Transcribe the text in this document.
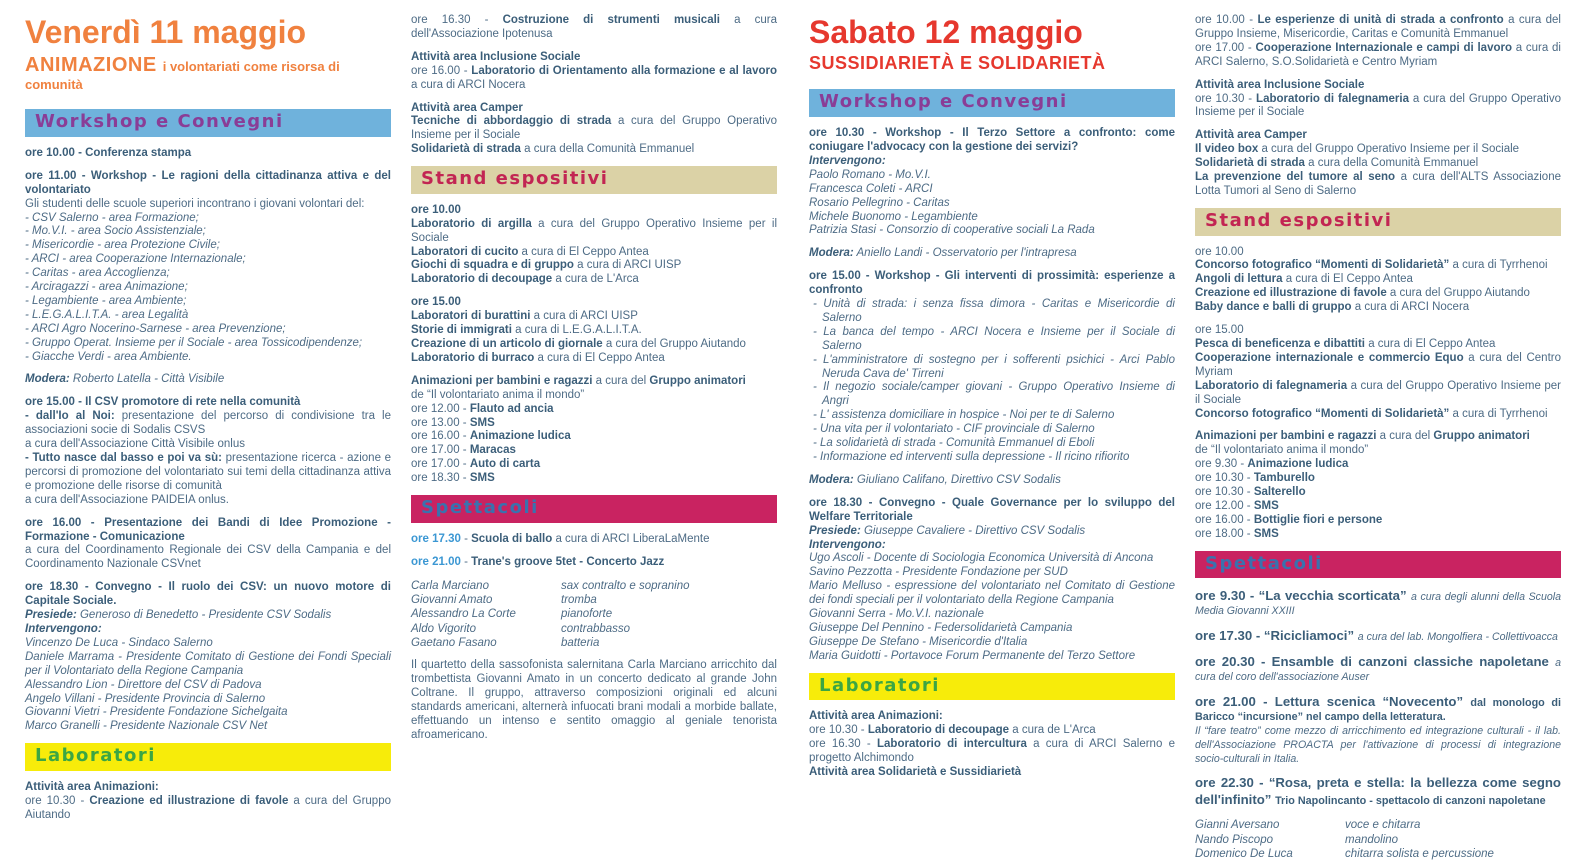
Venerdì 11 maggio
ANIMAZIONE i volontariati come risorsa di comunità
Workshop e Convegni
ore 10.00 - Conferenza stampa
ore 11.00 - Workshop - Le ragioni della cittadinanza attiva e del volontariato
Gli studenti delle scuole superiori incontrano i giovani volontari del:
- CSV Salerno - area Formazione;
- Mo.V.I. - area Socio Assistenziale;
- Misericordie - area Protezione Civile;
- ARCI - area Cooperazione Internazionale;
- Caritas - area Accoglienza;
- Arciragazzi - area Animazione;
- Legambiente - area Ambiente;
- L.E.G.A.L.I.T.A. - area Legalità
- ARCI Agro Nocerino-Sarnese - area Prevenzione;
- Gruppo Operat. Insieme per il Sociale - area Tossicodipendenze;
- Giacche Verdi - area Ambiente.
Modera: Roberto Latella - Città Visibile
ore 15.00 - Il CSV promotore di rete nella comunità
- dall'Io al Noi: presentazione del percorso di condivisione tra le associazioni socie di Sodalis CSVS
a cura dell'Associazione Città Visibile onlus
- Tutto nasce dal basso e poi va sù: presentazione ricerca - azione e percorsi di promozione del volontariato sui temi della cittadinanza attiva e promozione delle risorse di comunità
a cura dell'Associazione PAIDEIA onlus.
ore 16.00 - Presentazione dei Bandi di Idee Promozione - Formazione - Comunicazione
a cura del Coordinamento Regionale dei CSV della Campania e del Coordinamento Nazionale CSVnet
ore 18.30 - Convegno - Il ruolo dei CSV: un nuovo motore di Capitale Sociale.
Presiede: Generoso di Benedetto - Presidente CSV Sodalis
Intervengono:
Vincenzo De Luca - Sindaco Salerno
Daniele Marrama - Presidente Comitato di Gestione dei Fondi Speciali per il Volontariato della Regione Campania
Alessandro Lion - Direttore del CSV di Padova
Angelo Villani - Presidente Provincia di Salerno
Giovanni Vietri - Presidente Fondazione Sichelgaita
Marco Granelli - Presidente Nazionale CSV Net
Laboratori
Attività area Animazioni:
ore 10.30 - Creazione ed illustrazione di favole a cura del Gruppo Aiutando
ore 16.30 - Costruzione di strumenti musicali a cura dell'Associazione Ipotenusa
Attività area Inclusione Sociale
ore 16.00 - Laboratorio di Orientamento alla formazione e al lavoro a cura di ARCI Nocera
Attività area Camper
Tecniche di abbordaggio di strada a cura del Gruppo Operativo Insieme per il Sociale
Solidarietà di strada a cura della Comunità Emmanuel
Stand espositivi
ore 10.00
Laboratorio di argilla a cura del Gruppo Operativo Insieme per il Sociale
Laboratori di cucito a cura di El Ceppo Antea
Giochi di squadra e di gruppo a cura di ARCI UISP
Laboratorio di decoupage a cura de L'Arca
ore 15.00
Laboratori di burattini a cura di ARCI UISP
Storie di immigrati a cura di L.E.G.A.L.I.T.A.
Creazione di un articolo di giornale a cura del Gruppo Aiutando
Laboratorio di burraco a cura di El Ceppo Antea
Animazioni per bambini e ragazzi a cura del Gruppo animatori
de “Il volontariato anima il mondo”
ore 12.00 - Flauto ad ancia
ore 13.00 - SMS
ore 16.00 - Animazione ludica
ore 17.00 - Maracas
ore 17.00 - Auto di carta
ore 18.30 - SMS
Spettacoli
ore 17.30 - Scuola di ballo a cura di ARCI LiberaLaMente
ore 21.00 - Trane's groove 5tet - Concerto Jazz
Carla Marciano	sax contralto e sopranino
Giovanni Amato	tromba
Alessandro La Corte	pianoforte
Aldo Vigorito	contrabbasso
Gaetano Fasano	batteria
Il quartetto della sassofonista salernitana Carla Marciano arricchito dal trombettista Giovanni Amato in un concerto dedicato al grande John Coltrane. Il gruppo, attraverso composizioni originali ed alcuni standards americani, alternerà infuocati brani modali a morbide ballate, effettuando un intenso e sentito omaggio al geniale tenorista afroamericano.
Sabato 12 maggio
SUSSIDIARIETÀ E SOLIDARIETÀ
Workshop e Convegni
ore 10.30 - Workshop - Il Terzo Settore a confronto: come coniugare l'advocacy con la gestione dei servizi?
Intervengono:
Paolo Romano - Mo.V.I.
Francesca Coleti - ARCI
Rosario Pellegrino - Caritas
Michele Buonomo - Legambiente
Patrizia Stasi - Consorzio di cooperative sociali La Rada
Modera: Aniello Landi - Osservatorio per l'intrapresa
ore 15.00 - Workshop - Gli interventi di prossimità: esperienze a confronto
- Unità di strada: i senza fissa dimora - Caritas e Misericordie di Salerno
- La banca del tempo - ARCI Nocera e Insieme per il Sociale di Salerno
- L'amministratore di sostegno per i sofferenti psichici - Arci Pablo Neruda Cava de' Tirreni
- Il negozio sociale/camper giovani - Gruppo Operativo Insieme di Angri
- L' assistenza domiciliare in hospice - Noi per te di Salerno
- Una vita per il volontariato - CIF provinciale di Salerno
- La solidarietà di strada - Comunità Emmanuel di Eboli
- Informazione ed interventi sulla depressione - Il ricino rifiorito
Modera: Giuliano Califano, Direttivo CSV Sodalis
ore 18.30 - Convegno - Quale Governance per lo sviluppo del Welfare Territoriale
Presiede: Giuseppe Cavaliere - Direttivo CSV Sodalis
Intervengono:
Ugo Ascoli - Docente di Sociologia Economica Università di Ancona
Savino Pezzotta - Presidente Fondazione per SUD
Mario Melluso - espressione del volontariato nel Comitato di Gestione dei fondi speciali per il volontariato della Regione Campania
Giovanni Serra - Mo.V.I. nazionale
Giuseppe Del Pennino - Federsolidarietà Campania
Giuseppe De Stefano - Misericordie d'Italia
Maria Guidotti - Portavoce Forum Permanente del Terzo Settore
Laboratori
Attività area Animazioni:
ore 10.30 - Laboratorio di decoupage a cura de L'Arca
ore 16.30 - Laboratorio di intercultura a cura di ARCI Salerno e progetto Alchimondo
Attività area Solidarietà e Sussidiarietà
ore 10.00 - Le esperienze di unità di strada a confronto a cura del Gruppo Insieme, Misericordie, Caritas e Comunità Emmanuel
ore 17.00 - Cooperazione Internazionale e campi di lavoro a cura di ARCI Salerno, S.O.Solidarietà e Centro Myriam
Attività area Inclusione Sociale
ore 10.30 - Laboratorio di falegnameria a cura del Gruppo Operativo Insieme per il Sociale
Attività area Camper
Il video box a cura del Gruppo Operativo Insieme per il Sociale
Solidarietà di strada a cura della Comunità Emmanuel
La prevenzione del tumore al seno a cura dell'ALTS Associazione Lotta Tumori al Seno di Salerno
Stand espositivi
ore 10.00
Concorso fotografico “Momenti di Solidarietà” a cura di Tyrrhenoi
Angoli di lettura a cura di El Ceppo Antea
Creazione ed illustrazione di favole a cura del Gruppo Aiutando
Baby dance e balli di gruppo a cura di ARCI Nocera
ore 15.00
Pesca di beneficenza e dibattiti a cura di El Ceppo Antea
Cooperazione internazionale e commercio Equo a cura del Centro Myriam
Laboratorio di falegnameria a cura del Gruppo Operativo Insieme per il Sociale
Concorso fotografico “Momenti di Solidarietà” a cura di Tyrrhenoi
Animazioni per bambini e ragazzi a cura del Gruppo animatori
de “Il volontariato anima il mondo”
ore 9.30 - Animazione ludica
ore 10.30 - Tamburello
ore 10.30 - Salterello
ore 12.00 - SMS
ore 16.00 - Bottiglie fiori e persone
ore 18.00 - SMS
Spettacoli
ore 9.30 - “La vecchia scorticata” a cura degli alunni della Scuola Media Giovanni XXIII
ore 17.30 - “Ricicliamoci” a cura del lab. Mongolfiera - Collettivoacca
ore 20.30 - Ensamble di canzoni classiche napoletane a cura del coro dell'associazione Auser
ore 21.00 - Lettura scenica “Novecento” dal monologo di Baricco “incursione” nel campo della letteratura.
Il “fare teatro” come mezzo di arricchimento ed integrazione culturali - il lab. dell'Associazione PROACTA per l'attivazione di processi di integrazione socio-culturali in Italia.
ore 22.30 - “Rosa, preta e stella: la bellezza come segno dell'infinito” Trio Napolincanto - spettacolo di canzoni napoletane
Gianni Aversano	voce e chitarra
Nando Piscopo	mandolino
Domenico De Luca	chitarra solista e percussione
